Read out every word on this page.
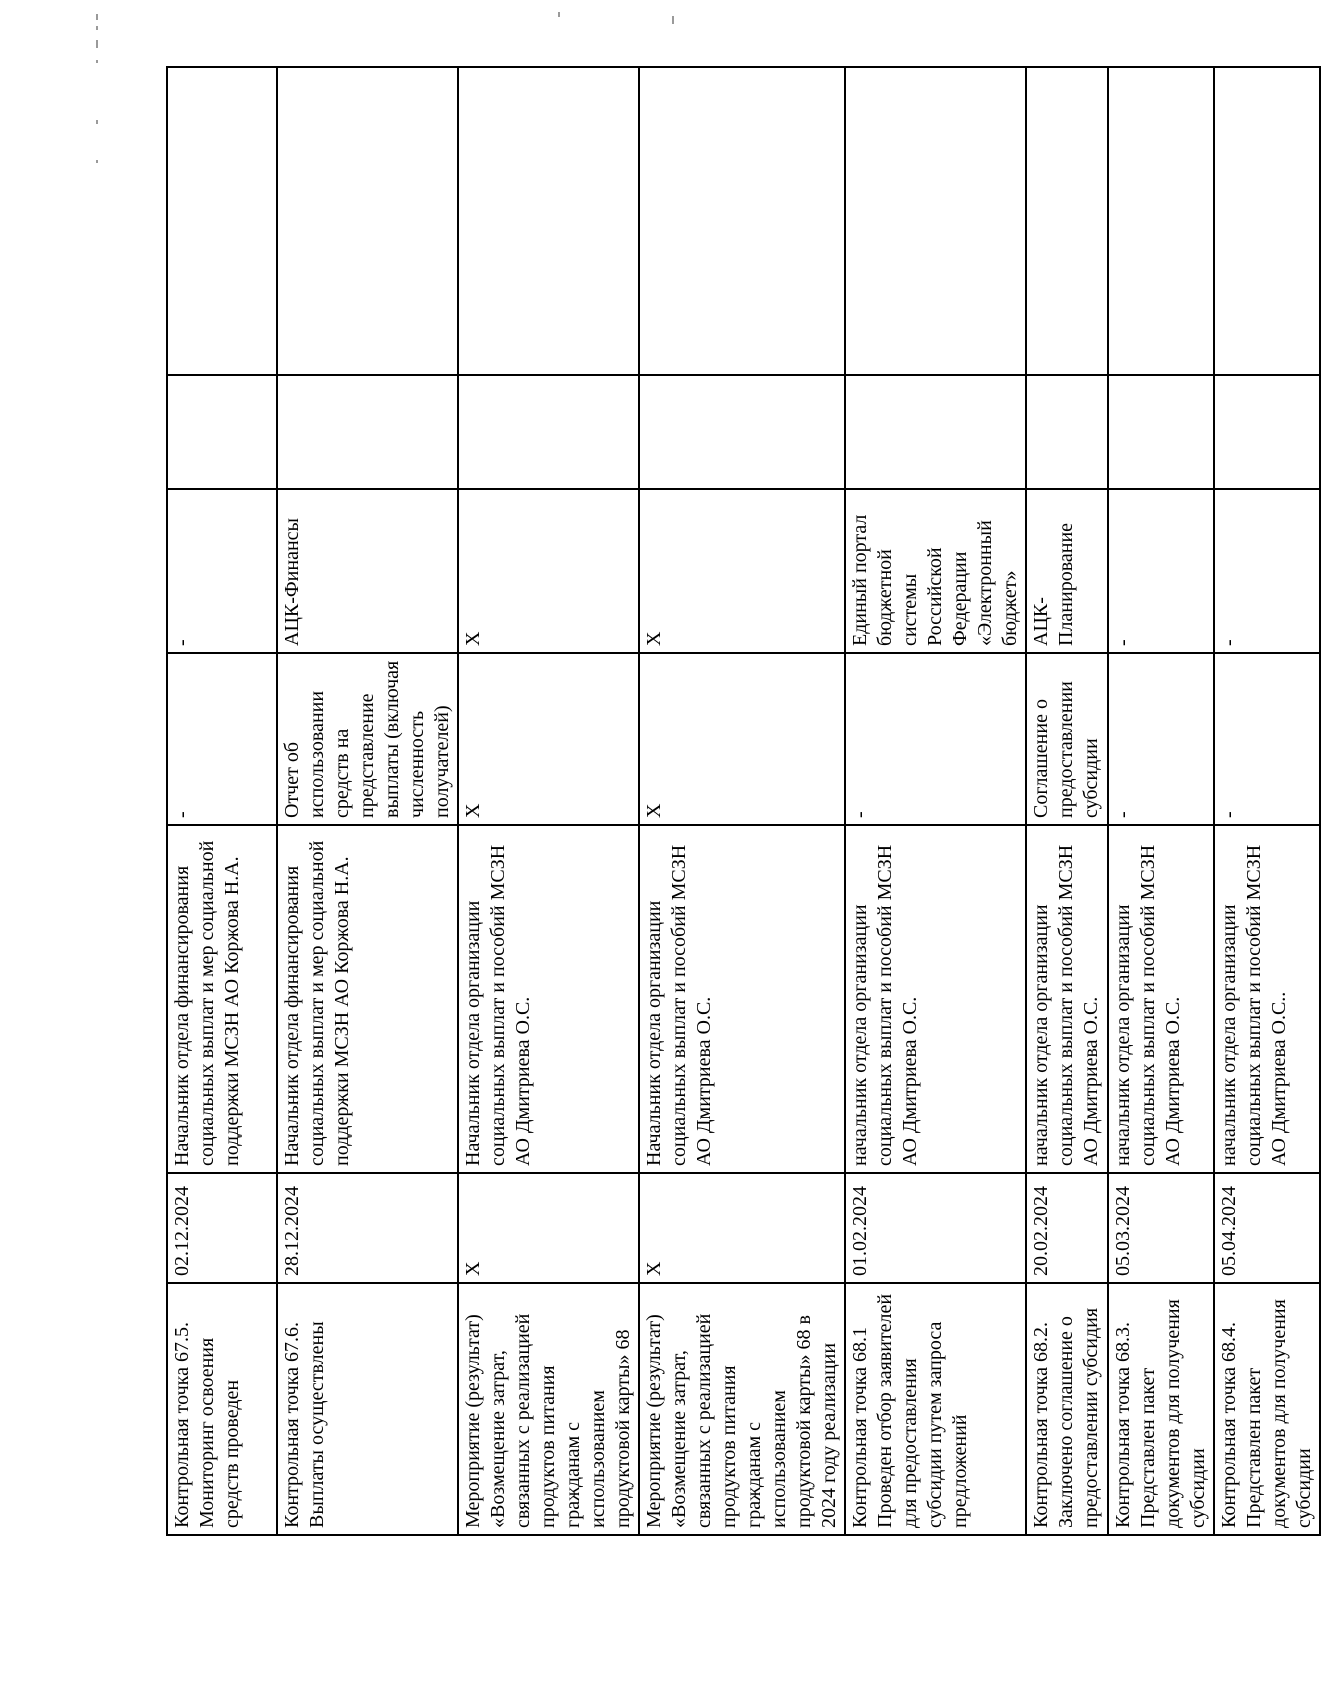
Контрольная точка 67.5. Мониторинг освоения средств проведен	02.12.2024	Начальник отдела финансирования социальных выплат и мер социальной поддержки МСЗН АО Коржова Н.А.	-	-			
Контрольная точка 67.6. Выплаты осуществлены	28.12.2024	Начальник отдела финансирования социальных выплат и мер социальной поддержки МСЗН АО Коржова Н.А.	Отчет об использовании средств на представление выплаты (включая численность получателей)	АЦК-Финансы			
Мероприятие (результат) «Возмещение затрат, связанных с реализацией продуктов питания гражданам с использованием продуктовой карты» 68	X	Начальник отдела организации социальных выплат и пособий МСЗН АО Дмитриева О.С.	X	X			
Мероприятие (результат) «Возмещение затрат, связанных с реализацией продуктов питания гражданам с использованием продуктовой карты» 68 в 2024 году реализации	X	Начальник отдела организации социальных выплат и пособий МСЗН АО Дмитриева О.С.	X	X			
Контрольная точка 68.1 Проведен отбор заявителей для предоставления субсидии путем запроса предложений	01.02.2024	начальник отдела организации социальных выплат и пособий МСЗН АО Дмитриева О.С.	-	Единый портал бюджетной системы Российской Федерации «Электронный бюджет»			
Контрольная точка 68.2. Заключено соглашение о предоставлении субсидия	20.02.2024	начальник отдела организации социальных выплат и пособий МСЗН АО Дмитриева О.С.	Соглашение о предоставлении субсидии	АЦК-Планирование			
Контрольная точка 68.3. Представлен пакет документов для получения субсидии	05.03.2024	начальник отдела организации социальных выплат и пособий МСЗН АО Дмитриева О.С.	-	-			
Контрольная точка 68.4. Представлен пакет документов для получения субсидии	05.04.2024	начальник отдела организации социальных выплат и пособий МСЗН АО Дмитриева О.С..	-	-			
